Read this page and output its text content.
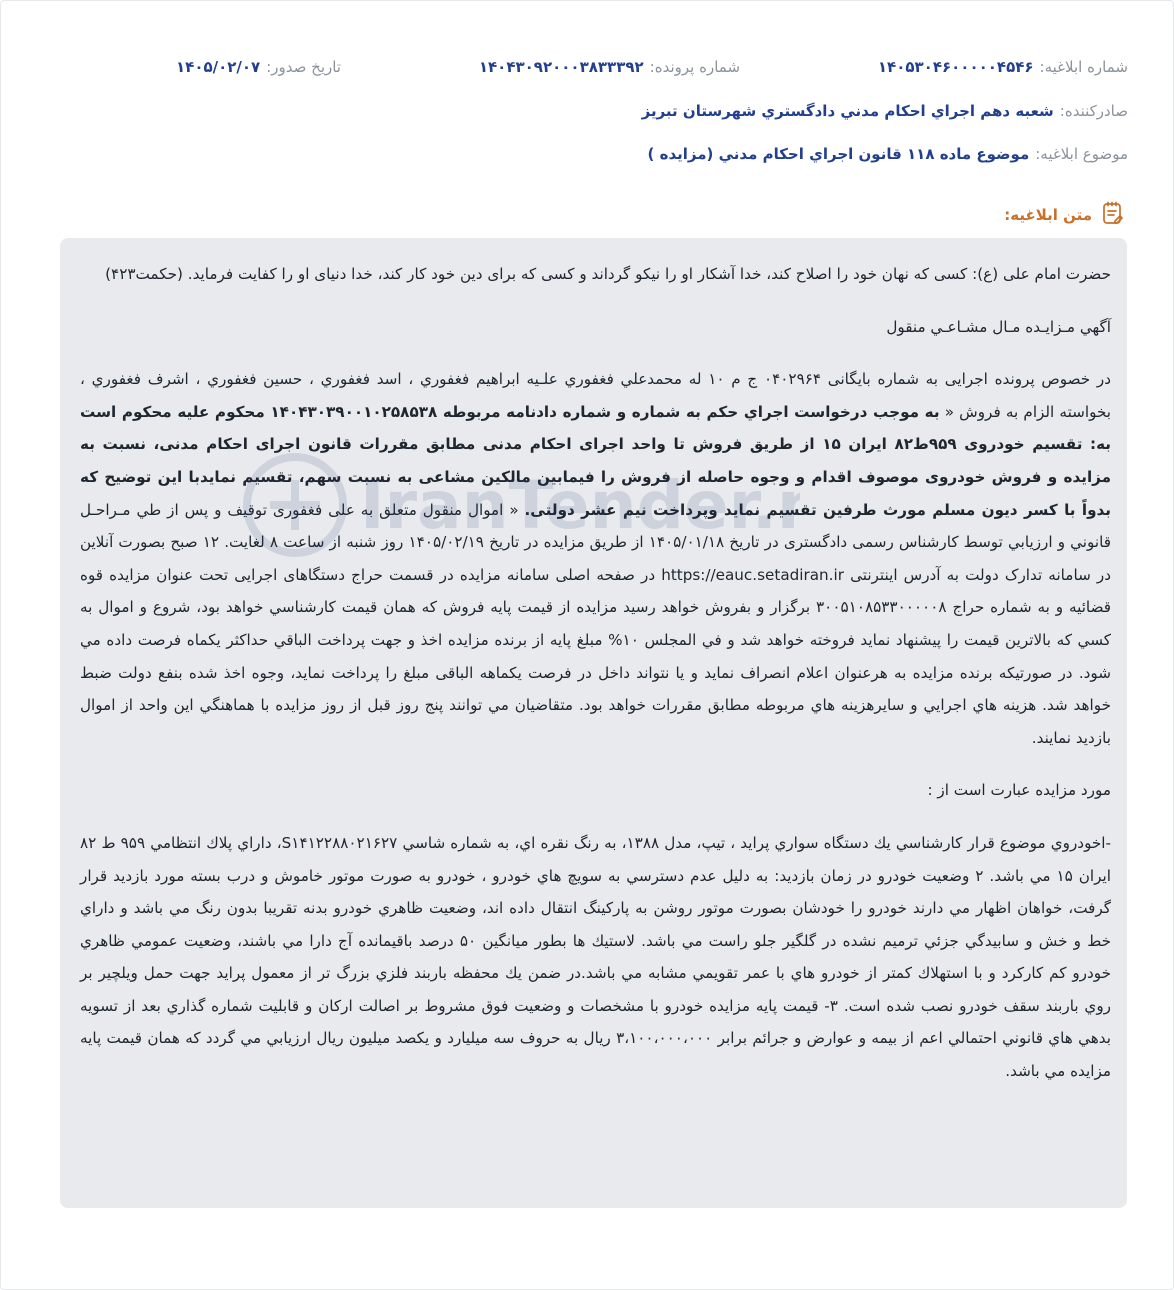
شماره ابلاغیه:
۱۴۰۵۳۰۴۶۰۰۰۰۰۴۵۴۶
شماره پرونده:
۱۴۰۴۳۰۹۲۰۰۰۳۸۳۳۳۹۲
تاریخ صدور:
۱۴۰۵/۰۲/۰۷
صادرکننده:
شعبه دهم اجراي احكام مدني دادگستري شهرستان تبريز
موضوع ابلاغیه:
موضوع ماده ۱۱۸ قانون اجراي احكام مدني (مزايده )
متن ابلاغیه:

حضرت امام علی (ع): کسی که نهان خود را اصلاح کند، خدا آشکار او را نیکو گرداند و کسی که برای دین خود کار کند، خدا دنیای او را کفایت فرماید. (حکمت۴۲۳)

آگهي مـزايـده مـال مشـاعـي منقول

در خصوص پرونده اجرايی به شماره بايگانی ۰۴۰۲۹۶۴ ج م ۱۰ له محمدعلي فغفوري علـيه ابراهيم فغفوري ، اسد فغفوري ، حسين فغفوري ، اشرف فغفوري ، بخواسته الزام به فروش « به موجب درخواست اجراي حكم به شماره و شماره دادنامه مربوطه ۱۴۰۴۳۰۳۹۰۰۱۰۲۵۸۵۳۸ محكوم عليه محكوم است به: تقسيم خودروی ۹۵۹ط۸۲ ايران ۱۵ از طريق فروش تا واحد اجرای احكام مدنی مطابق مقررات قانون اجرای احكام مدنی، نسبت به مزايده و فروش خودروی موصوف اقدام و وجوه حاصله از فروش را فيمابين مالكين مشاعی به نسبت سهم، تقسيم نمايدبا اين توضيح كه بدواً با كسر ديون مسلم مورث طرفين تقسيم نمايد وپرداخت نيم عشر دولتی. « اموال منقول متعلق به علی فغفوری توقيف و پس از طي مـراحـل قانوني و ارزيابي توسط كارشناس رسمی دادگستری در تاريخ ۱۴۰۵/۰۱/۱۸ از طريق مزايده در تاريخ ۱۴۰۵/۰۲/۱۹ روز شنبه از ساعت ۸ لغايت. ۱۲ صبح بصورت آنلاين در سامانه تدارک دولت به آدرس اينترنتی https://eauc.setadiran.ir در صفحه اصلی سامانه مزايده در قسمت حراج دستگاهای اجرايی تحت عنوان مزايده قوه قضائيه و به شماره حراج ۳۰۰۵۱۰۸۵۳۳۰۰۰۰۰۸ برگزار و بفروش خواهد رسيد مزايده از قيمت پايه فروش كه همان قيمت كارشناسي خواهد بود، شروع و اموال به كسي كه بالاترين قيمت را پيشنهاد نمايد فروخته خواهد شد و في المجلس ۱۰% مبلغ پايه از برنده مزايده اخذ و جهت پرداخت الباقي حداكثر يكماه فرصت داده مي شود. در صورتيكه برنده مزايده به هرعنوان اعلام انصراف نمايد و يا نتواند داخل در فرصت يكماهه الباقی مبلغ را پرداخت نمايد، وجوه اخذ شده بنفع دولت ضبط خواهد شد. هزينه هاي اجرايي و سايرهزينه هاي مربوطه مطابق مقررات خواهد بود. متقاضيان مي توانند پنج روز قبل از روز مزايده با هماهنگي اين واحد از اموال بازديد نمايند.

مورد مزايده عبارت است از :

-اخودروي موضوع قرار كارشناسي يك دستگاه سواري پرايد ، تيپ، مدل ۱۳۸۸، به رنگ نقره اي، به شماره شاسي S۱۴۱۲۲۸۸۰۲۱۶۲۷، داراي پلاك انتظامي ۹۵۹ ط ۸۲ ايران ۱۵ مي باشد. ۲ وضعيت خودرو در زمان بازديد: به دليل عدم دسترسي به سويچ هاي خودرو ، خودرو به صورت موتور خاموش و درب بسته مورد بازديد قرار گرفت، خواهان اظهار مي دارند خودرو را خودشان بصورت موتور روشن به پاركينگ انتقال داده اند، وضعيت ظاهري خودرو بدنه تقريبا بدون رنگ مي باشد و داراي خط و خش و سابيدگي جزئي ترميم نشده در گلگير جلو راست مي باشد. لاستيك ها بطور ميانگين ۵۰ درصد باقيمانده آج دارا مي باشند، وضعيت عمومي ظاهري خودرو كم كاركرد و با استهلاك كمتر از خودرو هاي با عمر تقويمي مشابه مي باشد.در ضمن يك محفظه باربند فلزي بزرگ تر از معمول پرايد جهت حمل ويلچير بر روي باربند سقف خودرو نصب شده است. ۳- قيمت پايه مزايده خودرو با مشخصات و وضعيت فوق مشروط بر اصالت اركان و قابليت شماره گذاري بعد از تسويه بدهي هاي قانوني احتمالي اعم از بيمه و عوارض و جرائم برابر ۳،۱۰۰،۰۰۰،۰۰۰ ريال به حروف سه ميليارد و يكصد ميليون ريال ارزيابي مي گردد كه همان قيمت پايه مزايده مي باشد.
